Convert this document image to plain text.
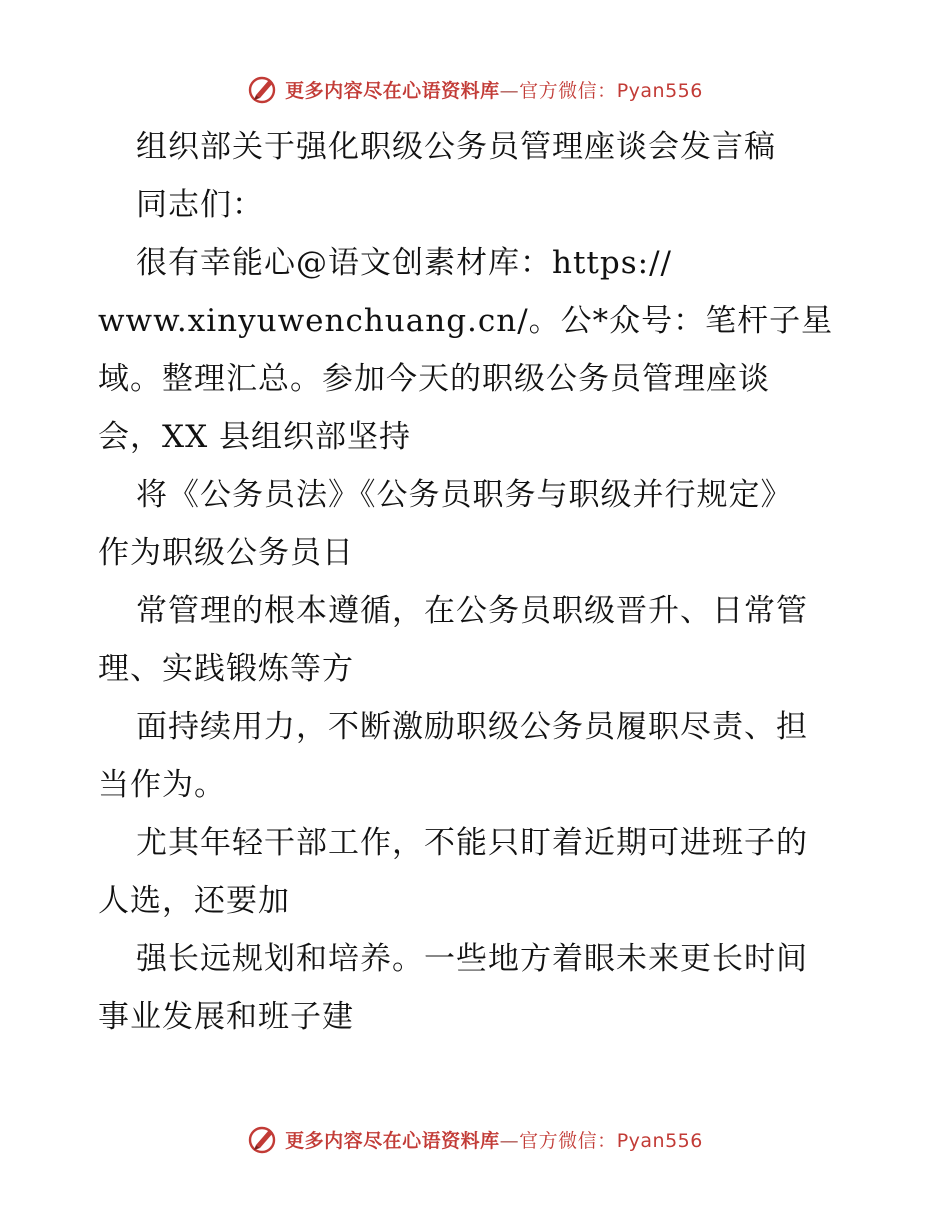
更多内容尽在心语资料库—官方微信：Pyan556
组织部关于强化职级公务员管理座谈会发言稿
同志们：
很有幸能心@语文创素材库：https://
www.xinyuwenchuang.cn/。公*众号：笔杆子星
域。整理汇总。参加今天的职级公务员管理座谈
会，XX 县组织部坚持
将《公务员法》《公务员职务与职级并行规定》
作为职级公务员日
常管理的根本遵循，在公务员职级晋升、日常管
理、实践锻炼等方
面持续用力，不断激励职级公务员履职尽责、担
当作为。
尤其年轻干部工作，不能只盯着近期可进班子的
人选，还要加
强长远规划和培养。一些地方着眼未来更长时间
事业发展和班子建
更多内容尽在心语资料库—官方微信：Pyan556
